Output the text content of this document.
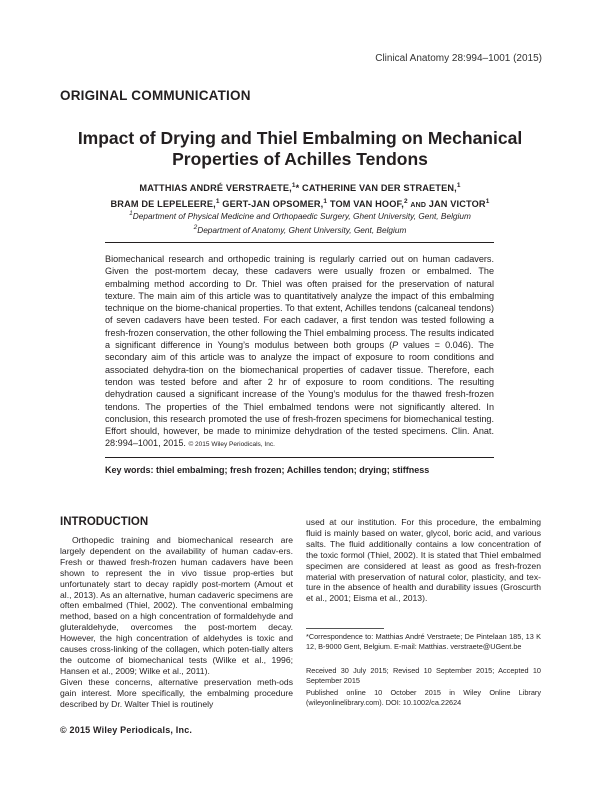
Clinical Anatomy 28:994–1001 (2015)
ORIGINAL COMMUNICATION
Impact of Drying and Thiel Embalming on Mechanical Properties of Achilles Tendons
MATTHIAS ANDRÉ VERSTRAETE,$^1$* CATHERINE VAN DER STRAETEN,$^1$
BRAM DE LEPELEERE,$^1$ GERT-JAN OPSOMER,$^1$ TOM VAN HOOF,$^2$ AND JAN VICTOR$^1$
$^1$Department of Physical Medicine and Orthopaedic Surgery, Ghent University, Gent, Belgium
$^2$Department of Anatomy, Ghent University, Gent, Belgium
Biomechanical research and orthopedic training is regularly carried out on human cadavers. Given the post-mortem decay, these cadavers were usually frozen or embalmed. The embalming method according to Dr. Thiel was often praised for the preservation of natural texture. The main aim of this article was to quantitatively analyze the impact of this embalming technique on the biome-chanical properties. To that extent, Achilles tendons (calcaneal tendons) of seven cadavers have been tested. For each cadaver, a first tendon was tested following a fresh-frozen conservation, the other following the Thiel embalming process. The results indicated a significant difference in Young’s modulus between both groups (P values = 0.046). The secondary aim of this article was to analyze the impact of exposure to room conditions and associated dehydra-tion on the biomechanical properties of cadaver tissue. Therefore, each tendon was tested before and after 2 hr of exposure to room conditions. The resulting dehydration caused a significant increase of the Young’s modulus for the thawed fresh-frozen tendons. The properties of the Thiel embalmed tendons were not significantly altered. In conclusion, this research promoted the use of fresh-frozen specimens for biomechanical testing. Effort should, however, be made to minimize dehydration of the tested specimens. Clin. Anat. 28:994–1001, 2015. © 2015 Wiley Periodicals, Inc.
Key words: thiel embalming; fresh frozen; Achilles tendon; drying; stiffness
INTRODUCTION

Orthopedic training and biomechanical research are largely dependent on the availability of human cadav-ers. Fresh or thawed fresh-frozen human cadavers have been shown to represent the in vivo tissue prop-erties but unfortunately start to decay rapidly post-mortem (Amout et al., 2013). As an alternative, human cadaveric specimens are often embalmed (Thiel, 2002). The conventional embalming method, based on a high concentration of formaldehyde and gluteraldehyde, overcomes the post-mortem decay. However, the high concentration of aldehydes is toxic and causes cross-linking of the collagen, which poten-tially alters the outcome of biomechanical tests (Wilke et al., 1996; Hansen et al., 2009; Wilke et al., 2011).

Given these concerns, alternative preservation meth-ods gain interest. More specifically, the embalming procedure described by Dr. Walter Thiel is routinely

used at our institution. For this procedure, the embalming fluid is mainly based on water, glycol, boric acid, and various salts. The fluid additionally contains a low concentration of the toxic formol (Thiel, 2002). It is stated that Thiel embalmed specimen are considered at least as good as fresh-frozen material with preservation of natural color, plasticity, and tex-ture in the absence of health and durability issues (Groscurth et al., 2001; Eisma et al., 2013).

*Correspondence to: Matthias André Verstraete; De Pintelaan 185, 13 K 12, B-9000 Gent, Belgium. E-mail: Matthias. verstraete@UGent.be
Received 30 July 2015; Revised 10 September 2015; Accepted 10 September 2015
Published online 10 October 2015 in Wiley Online Library (wileyonlinelibrary.com). DOI: 10.1002/ca.22624
© 2015 Wiley Periodicals, Inc.
